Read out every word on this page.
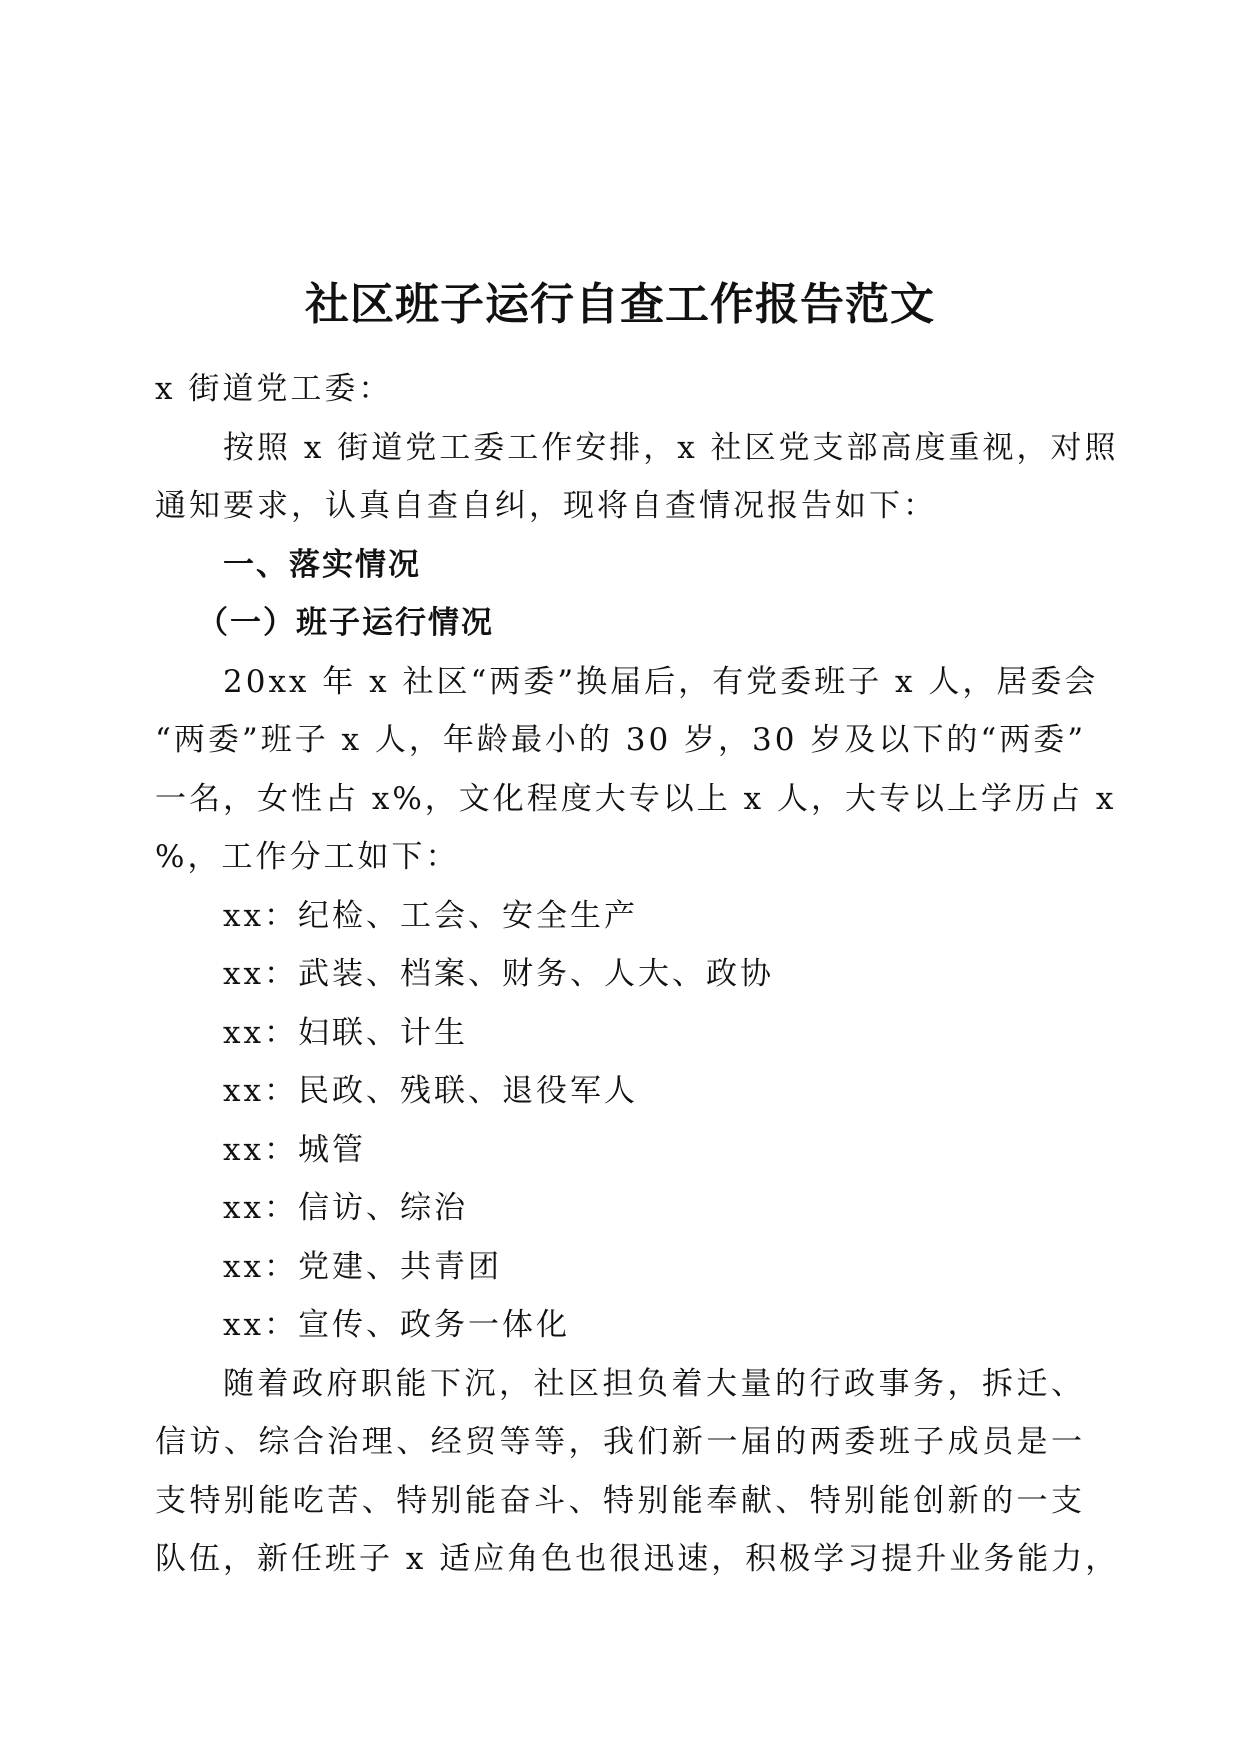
社区班子运行自查工作报告范文

x 街道党工委：

按照 x 街道党工委工作安排，x 社区党支部高度重视，对照

通知要求，认真自查自纠，现将自查情况报告如下：

一、落实情况

（一）班子运行情况

20xx 年 x 社区“两委”换届后，有党委班子 x 人，居委会

“两委”班子 x 人，年龄最小的 30 岁，30 岁及以下的“两委”

一名，女性占 x%，文化程度大专以上 x 人，大专以上学历占 x

%，工作分工如下：

xx：纪检、工会、安全生产

xx：武装、档案、财务、人大、政协

xx：妇联、计生

xx：民政、残联、退役军人

xx：城管

xx：信访、综治

xx：党建、共青团

xx：宣传、政务一体化

随着政府职能下沉，社区担负着大量的行政事务，拆迁、

信访、综合治理、经贸等等，我们新一届的两委班子成员是一

支特别能吃苦、特别能奋斗、特别能奉献、特别能创新的一支

队伍，新任班子 x 适应角色也很迅速，积极学习提升业务能力，
